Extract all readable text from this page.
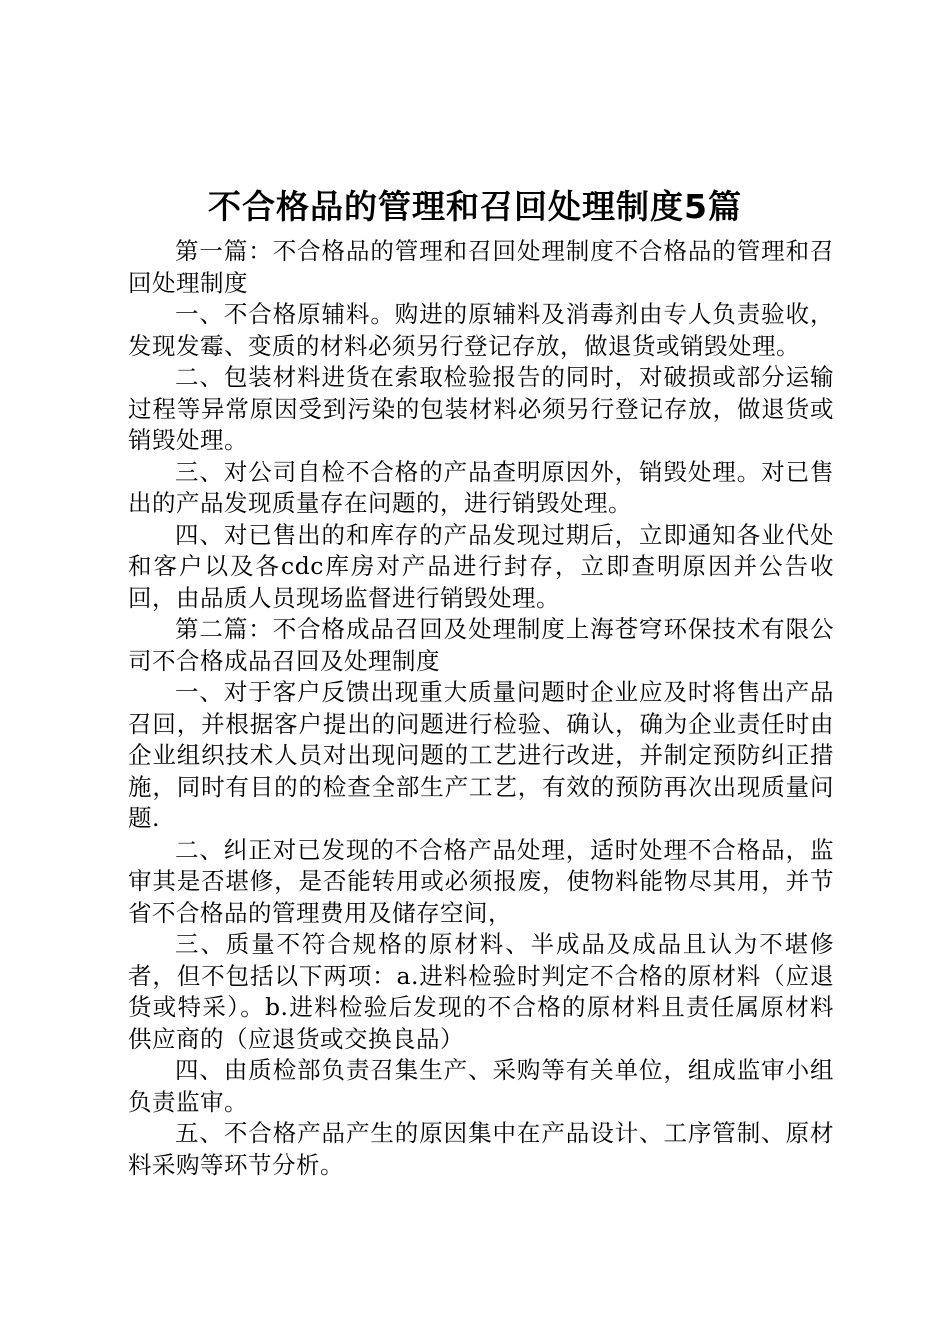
不合格品的管理和召回处理制度5篇

第一篇：不合格品的管理和召回处理制度不合格品的管理和召回处理制度

一、不合格原辅料。购进的原辅料及消毒剂由专人负责验收，发现发霉、变质的材料必须另行登记存放，做退货或销毁处理。

二、包装材料进货在索取检验报告的同时，对破损或部分运输过程等异常原因受到污染的包装材料必须另行登记存放，做退货或销毁处理。

三、对公司自检不合格的产品查明原因外，销毁处理。对已售出的产品发现质量存在问题的，进行销毁处理。

四、对已售出的和库存的产品发现过期后，立即通知各业代处和客户以及各cdc库房对产品进行封存，立即查明原因并公告收回，由品质人员现场监督进行销毁处理。

第二篇：不合格成品召回及处理制度上海苍穹环保技术有限公司不合格成品召回及处理制度

一、对于客户反馈出现重大质量问题时企业应及时将售出产品召回，并根据客户提出的问题进行检验、确认，确为企业责任时由企业组织技术人员对出现问题的工艺进行改进，并制定预防纠正措施，同时有目的的检查全部生产工艺，有效的预防再次出现质量问题.

二、纠正对已发现的不合格产品处理，适时处理不合格品，监审其是否堪修，是否能转用或必须报废，使物料能物尽其用，并节省不合格品的管理费用及储存空间，

三、质量不符合规格的原材料、半成品及成品且认为不堪修者，但不包括以下两项：a.进料检验时判定不合格的原材料（应退货或特采）。b.进料检验后发现的不合格的原材料且责任属原材料供应商的（应退货或交换良品）

四、由质检部负责召集生产、采购等有关单位，组成监审小组负责监审。

五、不合格产品产生的原因集中在产品设计、工序管制、原材料采购等环节分析。
